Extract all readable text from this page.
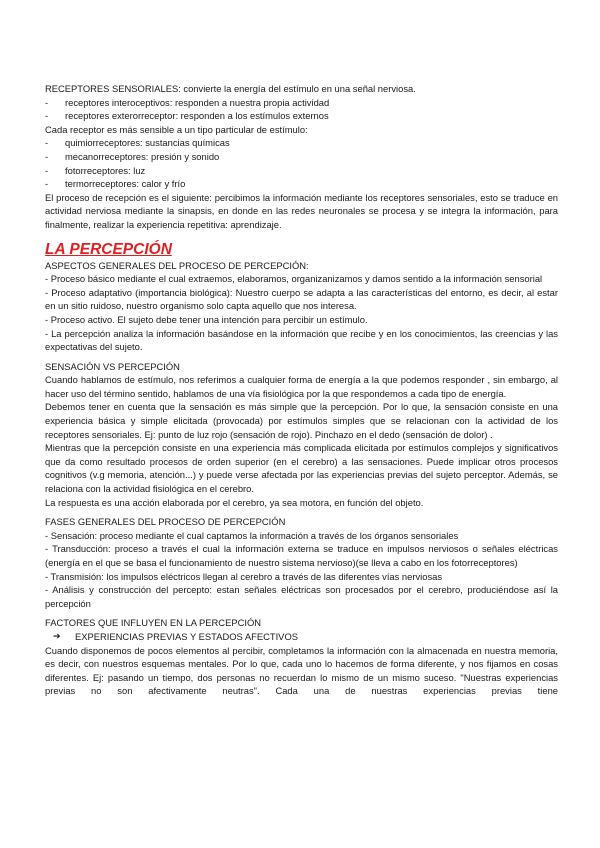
RECEPTORES SENSORIALES: convierte la energía del estímulo en una señal nerviosa.

-	receptores interoceptivos: responden a nuestra propia actividad
-	receptores exterorreceptor: responden a los estímulos externos

Cada receptor es más sensible a un tipo particular de estímulo:

-	quimiorreceptores: sustancias químicas
-	mecanorreceptores: presión y sonido
-	fotorreceptores: luz
-	termorreceptores: calor y frío

El proceso de recepción es el siguiente: percibimos la información mediante los receptores sensoriales, esto se traduce en actividad nerviosa mediante la sinapsis, en donde en las redes neuronales se procesa y se integra la información, para finalmente, realizar la experiencia repetitiva: aprendizaje.

LA PERCEPCIÓN

ASPECTOS GENERALES DEL PROCESO DE PERCEPCIÓN:

- Proceso básico mediante el cual extraemos, elaboramos, organizanizamos y damos sentido a la información sensorial

- Proceso adaptativo (importancia biológica): Nuestro cuerpo se adapta a las características del entorno, es decir, al estar en un sitio ruidoso, nuestro organismo solo capta aquello que nos interesa.

- Proceso activo. El sujeto debe tener una intención para percibir un estímulo.

- La percepción analiza la información basándose en la información que recibe y en los conocimientos, las creencias y las expectativas del sujeto.

SENSACIÓN VS PERCEPCIÓN

Cuando hablamos de estímulo, nos referimos a cualquier forma de energía a la que podemos responder , sin embargo, al hacer uso del término sentido, hablamos de una vía fisiológica por la que respondemos a cada tipo de energía.

Debemos tener en cuenta que la sensación es más simple que la percepción. Por lo que, la sensación consiste en una experiencia básica y simple elicitada (provocada) por estímulos simples que se relacionan con la actividad de los receptores sensoriales. Ej: punto de luz rojo (sensación de rojo). Pinchazo en el dedo (sensación de dolor) .

Mientras que la percepción consiste en una experiencia más complicada elicitada por estímulos complejos y significativos que da como resultado procesos de orden superior (en el cerebro) a las sensaciones. Puede implicar otros procesos cognitivos (v.g memoria, atención...) y puede verse afectada por las experiencias previas del sujeto perceptor. Además, se relaciona con la actividad fisiológica en el cerebro.

La respuesta es una acción elaborada por el cerebro, ya sea motora, en función del objeto.

FASES GENERALES DEL PROCESO DE PERCEPCIÓN

- Sensación: proceso mediante el cual captamos la información a través de los órganos sensoriales

- Transducción: proceso a través el cual la información externa se traduce en impulsos nerviosos o señales eléctricas (energía en el que se basa el funcionamiento de nuestro sistema nervioso)(se lleva a cabo en los fotorreceptores)

- Transmisión: los impulsos eléctricos llegan al cerebro a través de las diferentes vías nerviosas

- Análisis y construcción del percepto: estan señales eléctricas son procesados por el cerebro, produciéndose así la percepción

FACTORES QUE INFLUYEN EN LA PERCEPCIÓN

➔	EXPERIENCIAS PREVIAS Y ESTADOS AFECTIVOS

Cuando disponemos de pocos elementos al percibir, completamos la información con la almacenada en nuestra memoria, es decir, con nuestros esquemas mentales. Por lo que, cada uno lo hacemos de forma diferente, y nos fijamos en cosas diferentes. Ej: pasando un tiempo, dos personas no recuerdan lo mismo de un mismo suceso. "Nuestras experiencias previas no son afectivamente neutras". Cada una de nuestras experiencias previas tiene
